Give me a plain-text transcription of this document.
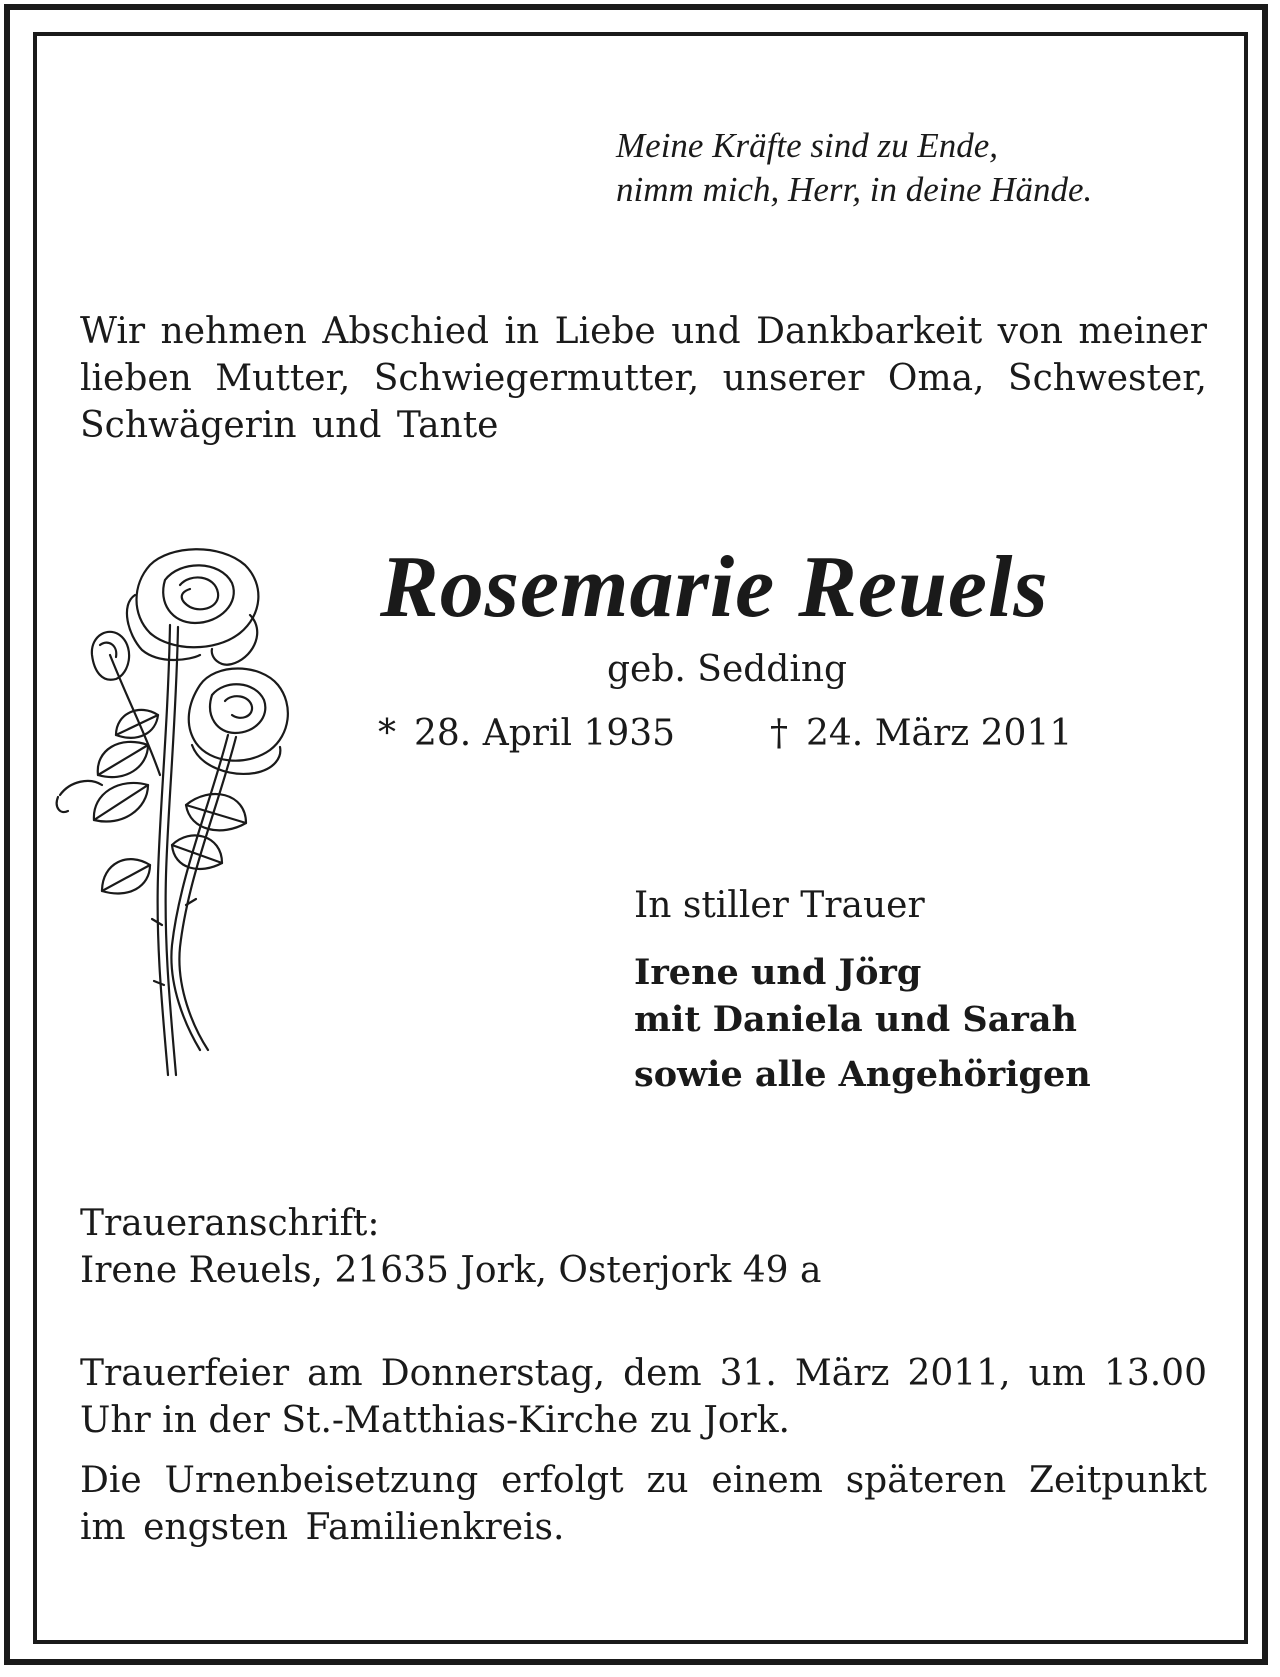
Meine Kräfte sind zu Ende,
nimm mich, Herr, in deine Hände.
Wir nehmen Abschied in Liebe und Dankbarkeit von meiner lieben Mutter, Schwiegermutter, unserer Oma, Schwester, Schwägerin und Tante
Rosemarie Reuels
geb. Sedding
* 28. April 1935	† 24. März 2011
In stiller Trauer
Irene und Jörg
mit Daniela und Sarah
sowie alle Angehörigen
Traueranschrift:
Irene Reuels, 21635 Jork, Osterjork 49 a
Trauerfeier am Donnerstag, dem 31. März 2011, um 13.00 Uhr in der St.-Matthias-Kirche zu Jork.
Die Urnenbeisetzung erfolgt zu einem späteren Zeitpunkt im engsten Familienkreis.
